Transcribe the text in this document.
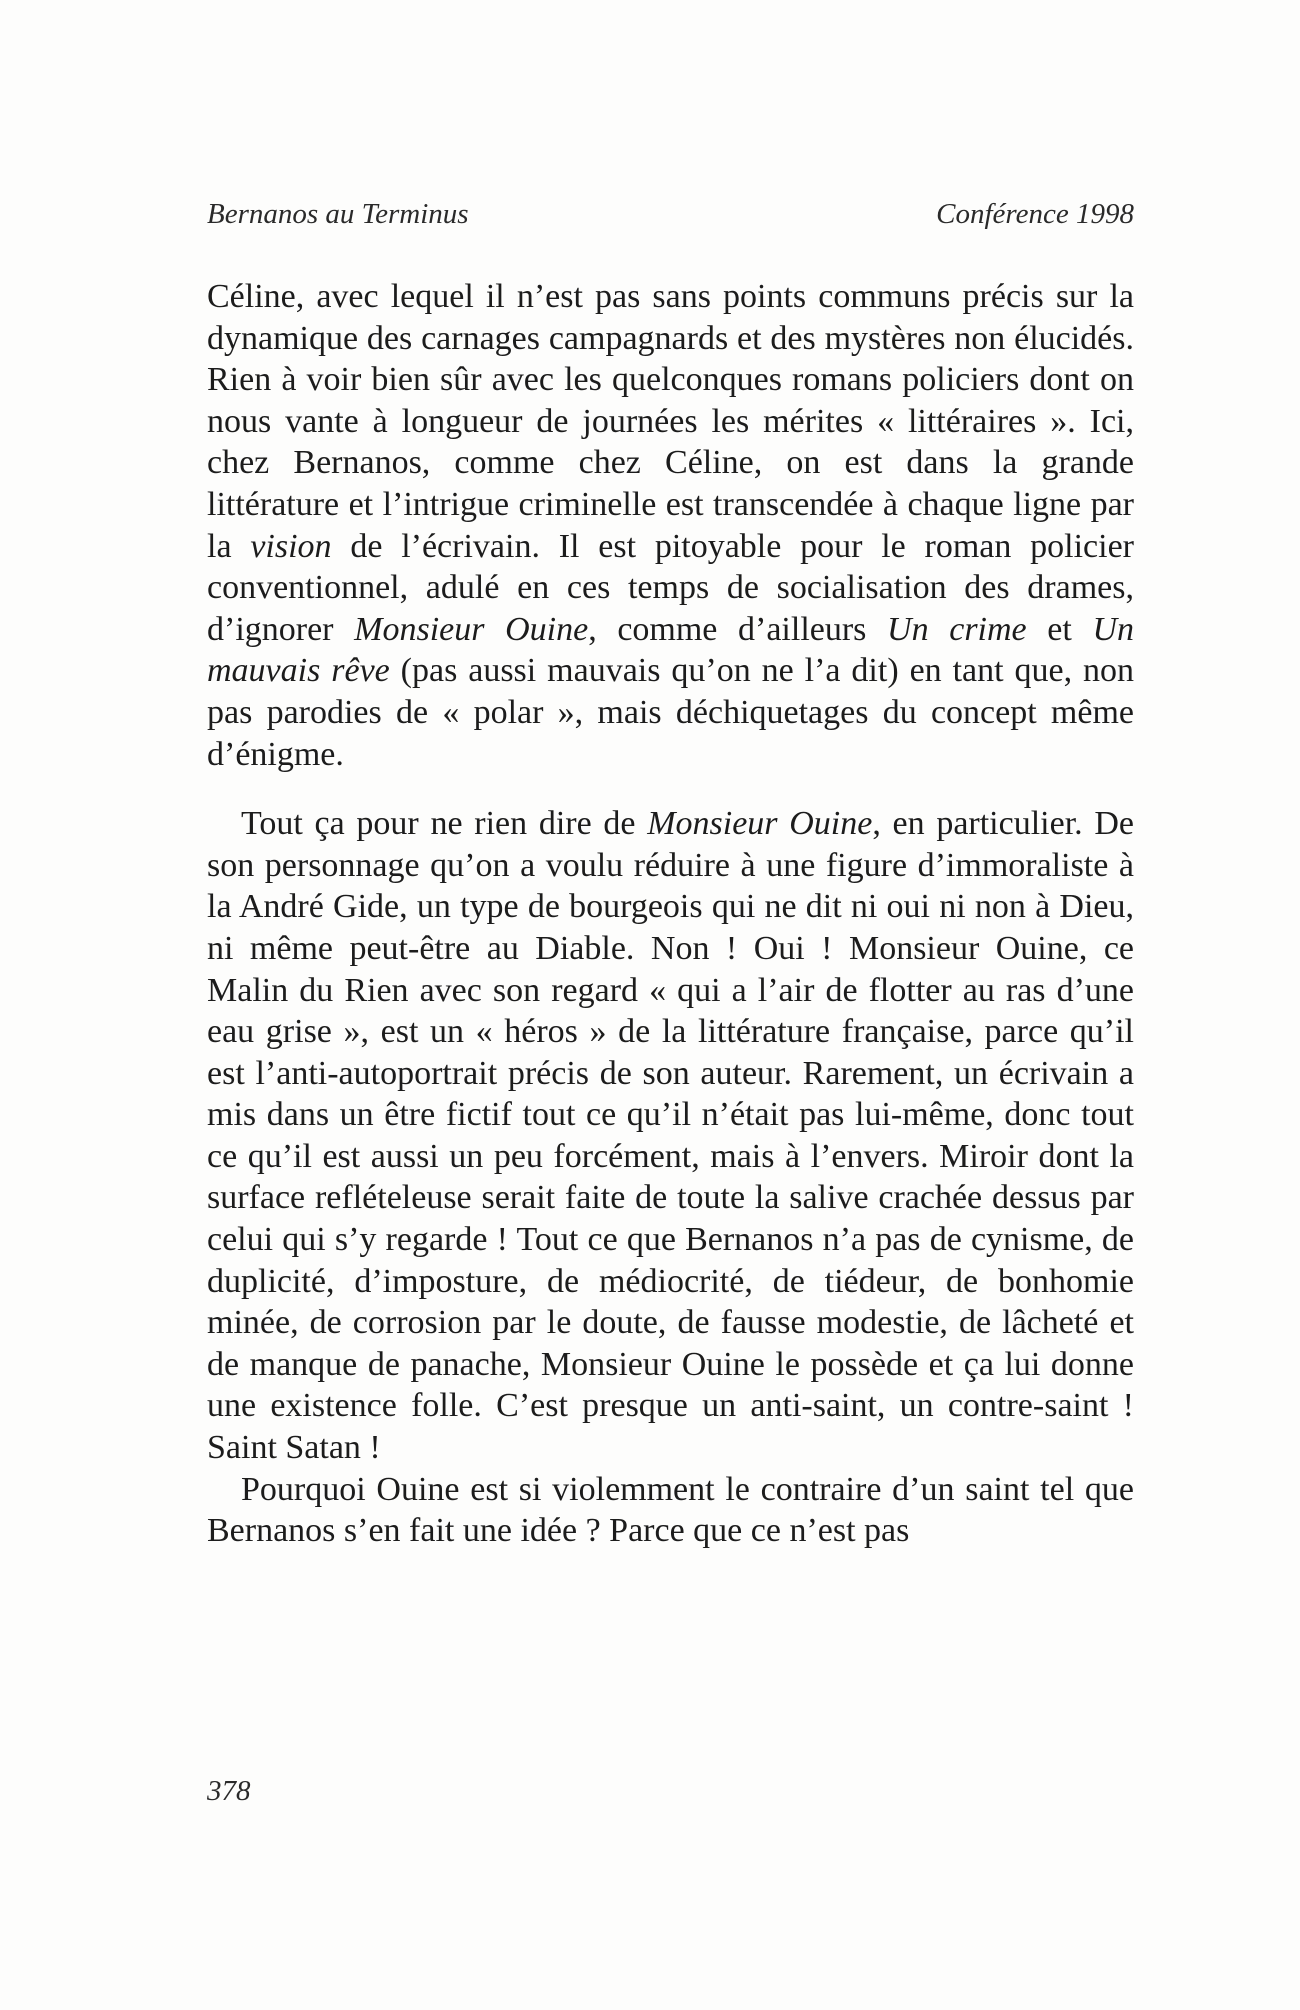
Bernanos au Terminus	Conférence 1998

Céline, avec lequel il n’est pas sans points communs précis sur la dynamique des carnages campagnards et des mystères non élucidés. Rien à voir bien sûr avec les quelconques romans policiers dont on nous vante à longueur de journées les mérites « littéraires ». Ici, chez Bernanos, comme chez Céline, on est dans la grande littérature et l’intrigue criminelle est transcendée à chaque ligne par la vision de l’écrivain. Il est pitoyable pour le roman policier conventionnel, adulé en ces temps de socialisation des drames, d’ignorer Monsieur Ouine, comme d’ailleurs Un crime et Un mauvais rêve (pas aussi mauvais qu’on ne l’a dit) en tant que, non pas parodies de « polar », mais déchiquetages du concept même d’énigme.

Tout ça pour ne rien dire de Monsieur Ouine, en particulier. De son personnage qu’on a voulu réduire à une figure d’immoraliste à la André Gide, un type de bourgeois qui ne dit ni oui ni non à Dieu, ni même peut-être au Diable. Non ! Oui ! Monsieur Ouine, ce Malin du Rien avec son regard « qui a l’air de flotter au ras d’une eau grise », est un « héros » de la littérature française, parce qu’il est l’anti-autoportrait précis de son auteur. Rarement, un écrivain a mis dans un être fictif tout ce qu’il n’était pas lui-même, donc tout ce qu’il est aussi un peu forcément, mais à l’envers. Miroir dont la surface reflételeuse serait faite de toute la salive crachée dessus par celui qui s’y regarde ! Tout ce que Bernanos n’a pas de cynisme, de duplicité, d’imposture, de médiocrité, de tiédeur, de bonhomie minée, de corrosion par le doute, de fausse modestie, de lâcheté et de manque de panache, Monsieur Ouine le possède et ça lui donne une existence folle. C’est presque un anti-saint, un contre-saint ! Saint Satan !

Pourquoi Ouine est si violemment le contraire d’un saint tel que Bernanos s’en fait une idée ? Parce que ce n’est pas

378
